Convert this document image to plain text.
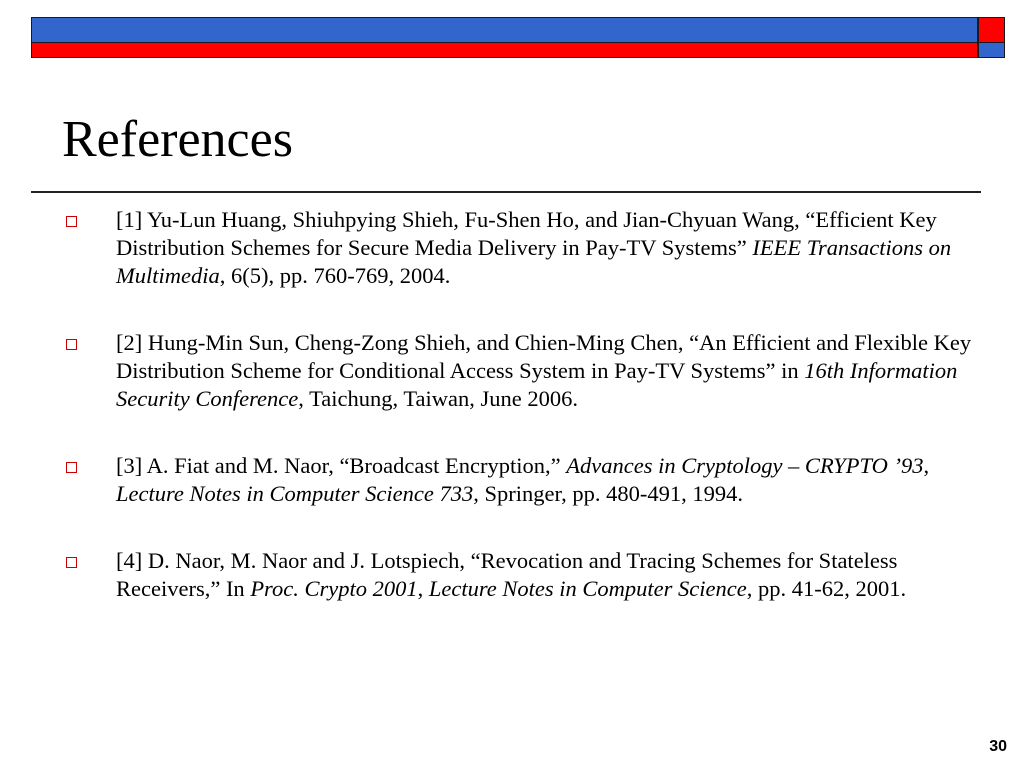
References
[1] Yu-Lun Huang, Shiuhpying Shieh, Fu-Shen Ho, and Jian-Chyuan Wang, “Efficient Key Distribution Schemes for Secure Media Delivery in Pay-TV Systems” IEEE Transactions on Multimedia, 6(5), pp. 760-769, 2004.
[2] Hung-Min Sun, Cheng-Zong Shieh, and Chien-Ming Chen, “An Efficient and Flexible Key Distribution Scheme for Conditional Access System in Pay-TV Systems” in 16th Information Security Conference, Taichung, Taiwan, June 2006.
[3] A. Fiat and M. Naor, “Broadcast Encryption,” Advances in Cryptology – CRYPTO ’93, Lecture Notes in Computer Science 733, Springer, pp. 480-491, 1994.
[4] D. Naor, M. Naor and J. Lotspiech, “Revocation and Tracing Schemes for Stateless Receivers,” In Proc. Crypto 2001, Lecture Notes in Computer Science, pp. 41-62, 2001.
30
